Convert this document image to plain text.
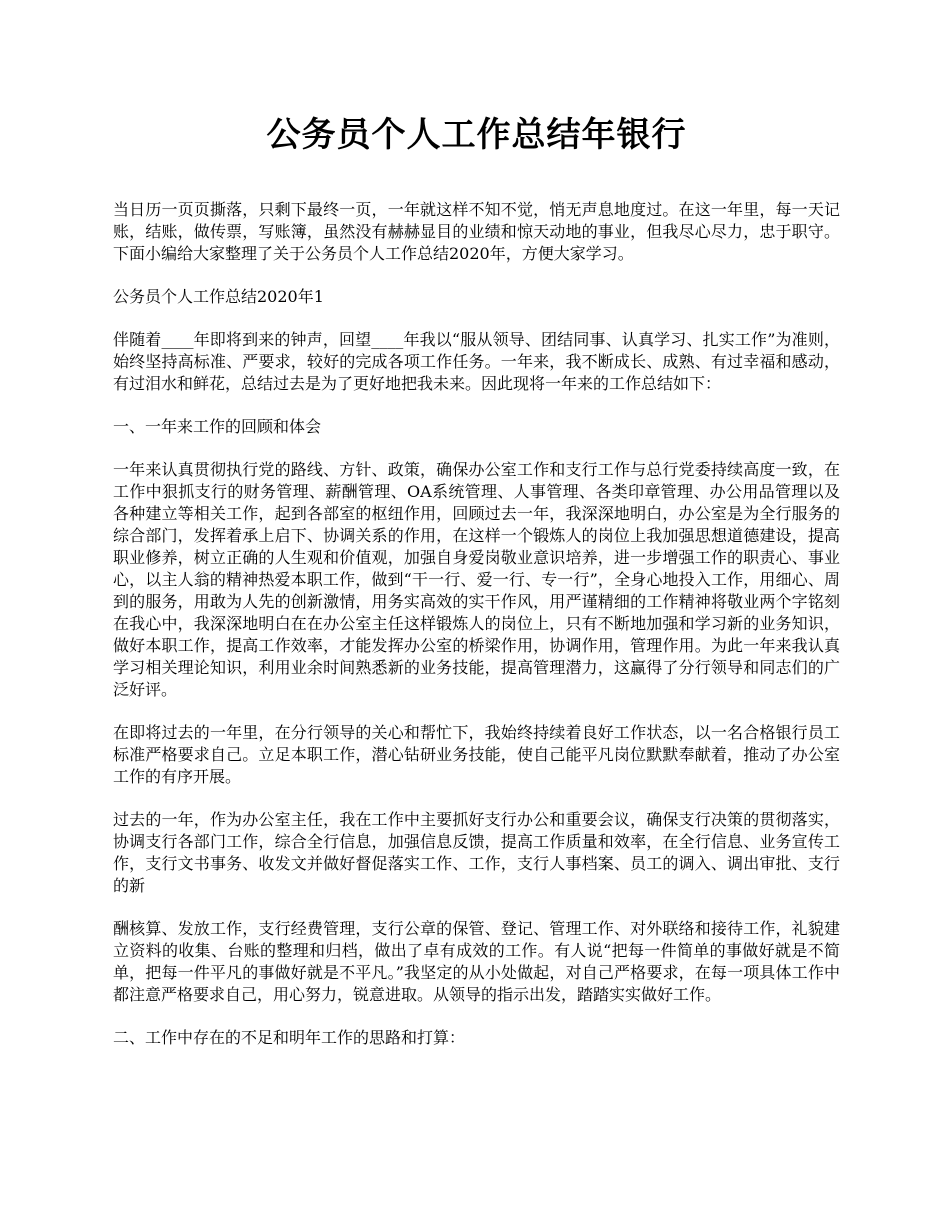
公务员个人工作总结年银行

当日历一页页撕落，只剩下最终一页，一年就这样不知不觉，悄无声息地度过。在这一年里，每一天记账，结账，做传票，写账簿，虽然没有赫赫显目的业绩和惊天动地的事业，但我尽心尽力，忠于职守。下面小编给大家整理了关于公务员个人工作总结2020年，方便大家学习。

公务员个人工作总结2020年1

伴随着____年即将到来的钟声，回望____年我以“服从领导、团结同事、认真学习、扎实工作”为准则，始终坚持高标准、严要求，较好的完成各项工作任务。一年来，我不断成长、成熟、有过幸福和感动，有过泪水和鲜花，总结过去是为了更好地把我未来。因此现将一年来的工作总结如下：

一、一年来工作的回顾和体会

一年来认真贯彻执行党的路线、方针、政策，确保办公室工作和支行工作与总行党委持续高度一致，在工作中狠抓支行的财务管理、薪酬管理、OA系统管理、人事管理、各类印章管理、办公用品管理以及各种建立等相关工作，起到各部室的枢纽作用，回顾过去一年，我深深地明白，办公室是为全行服务的综合部门，发挥着承上启下、协调关系的作用，在这样一个锻炼人的岗位上我加强思想道德建设，提高职业修养，树立正确的人生观和价值观，加强自身爱岗敬业意识培养，进一步增强工作的职责心、事业心，以主人翁的精神热爱本职工作，做到“干一行、爱一行、专一行”，全身心地投入工作，用细心、周到的服务，用敢为人先的创新激情，用务实高效的实干作风，用严谨精细的工作精神将敬业两个字铭刻在我心中，我深深地明白在在办公室主任这样锻炼人的岗位上，只有不断地加强和学习新的业务知识，做好本职工作，提高工作效率，才能发挥办公室的桥梁作用，协调作用，管理作用。为此一年来我认真学习相关理论知识，利用业余时间熟悉新的业务技能，提高管理潜力，这赢得了分行领导和同志们的广泛好评。

在即将过去的一年里，在分行领导的关心和帮忙下，我始终持续着良好工作状态，以一名合格银行员工标准严格要求自己。立足本职工作，潜心钻研业务技能，使自己能平凡岗位默默奉献着，推动了办公室工作的有序开展。

过去的一年，作为办公室主任，我在工作中主要抓好支行办公和重要会议，确保支行决策的贯彻落实，协调支行各部门工作，综合全行信息，加强信息反馈，提高工作质量和效率，在全行信息、业务宣传工作，支行文书事务、收发文并做好督促落实工作、工作，支行人事档案、员工的调入、调出审批、支行的新

酬核算、发放工作，支行经费管理，支行公章的保管、登记、管理工作、对外联络和接待工作，礼貌建立资料的收集、台账的整理和归档，做出了卓有成效的工作。有人说“把每一件简单的事做好就是不简单，把每一件平凡的事做好就是不平凡。”我坚定的从小处做起，对自己严格要求，在每一项具体工作中都注意严格要求自己，用心努力，锐意进取。从领导的指示出发，踏踏实实做好工作。

二、工作中存在的不足和明年工作的思路和打算：
